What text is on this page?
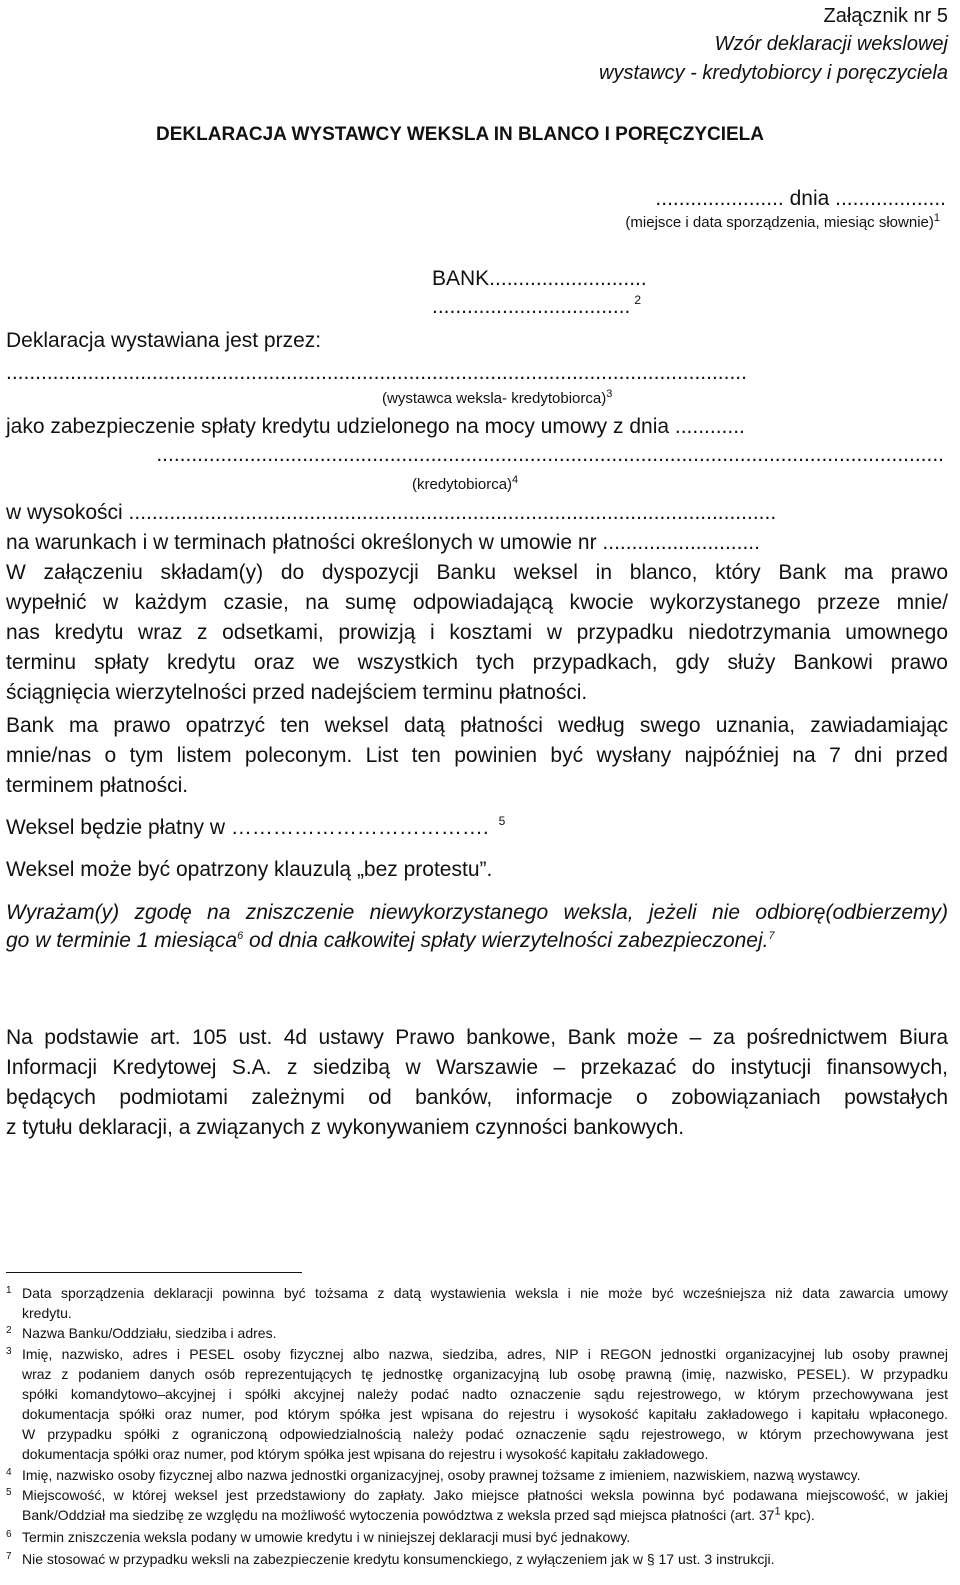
Załącznik nr 5
Wzór deklaracji wekslowej
wystawcy - kredytobiorcy i poręczyciela
DEKLARACJA WYSTAWCY WEKSLA IN BLANCO I PORĘCZYCIELA
...................... dnia ...................
(miejsce i data sporządzenia, miesiąc słownie)$^1$
BANK...........................
.................................. $^2$
Deklaracja wystawiana jest przez:
...............................................................................................................................
(wystawca weksla- kredytobiorca)$^3$
jako zabezpieczenie spłaty kredytu udzielonego na mocy umowy z dnia ............
.......................................................................................................................................
(kredytobiorca)$^4$
w wysokości ...............................................................................................................
na warunkach i w terminach płatności określonych w umowie nr ...........................
W załączeniu składam(y) do dyspozycji Banku weksel in blanco, który Bank ma prawo
wypełnić w każdym czasie, na sumę odpowiadającą kwocie wykorzystanego przeze mnie/
nas kredytu wraz z odsetkami, prowizją i kosztami w przypadku niedotrzymania umownego
terminu spłaty kredytu oraz we wszystkich tych przypadkach, gdy służy Bankowi prawo
ściągnięcia wierzytelności przed nadejściem terminu płatności.
Bank ma prawo opatrzyć ten weksel datą płatności według swego uznania, zawiadamiając
mnie/nas o tym listem poleconym. List ten powinien być wysłany najpóźniej na 7 dni przed
terminem płatności.
Weksel będzie płatny w ………………………………. $^5$
Weksel może być opatrzony klauzulą „bez protestu”.
Wyrażam(y) zgodę na zniszczenie niewykorzystanego weksla, jeżeli nie odbiorę(odbierzemy)
go w terminie 1 miesiąca$^6$ od dnia całkowitej spłaty wierzytelności zabezpieczonej.$^7$
Na podstawie art. 105 ust. 4d ustawy Prawo bankowe, Bank może – za pośrednictwem Biura
Informacji Kredytowej S.A. z siedzibą w Warszawie – przekazać do instytucji finansowych,
będących podmiotami zależnymi od banków, informacje o zobowiązaniach powstałych
z tytułu deklaracji, a związanych z wykonywaniem czynności bankowych.
1 Data sporządzenia deklaracji powinna być tożsama z datą wystawienia weksla i nie może być wcześniejsza niż data zawarcia umowy
kredytu.
2 Nazwa Banku/Oddziału, siedziba i adres.
3 Imię, nazwisko, adres i PESEL osoby fizycznej albo nazwa, siedziba, adres, NIP i REGON jednostki organizacyjnej lub osoby prawnej
wraz z podaniem danych osób reprezentujących tę jednostkę organizacyjną lub osobę prawną (imię, nazwisko, PESEL). W przypadku
spółki komandytowo–akcyjnej i spółki akcyjnej należy podać nadto oznaczenie sądu rejestrowego, w którym przechowywana jest
dokumentacja spółki oraz numer, pod którym spółka jest wpisana do rejestru i wysokość kapitału zakładowego i kapitału wpłaconego.
W przypadku spółki z ograniczoną odpowiedzialnością należy podać oznaczenie sądu rejestrowego, w którym przechowywana jest
dokumentacja spółki oraz numer, pod którym spółka jest wpisana do rejestru i wysokość kapitału zakładowego.
4 Imię, nazwisko osoby fizycznej albo nazwa jednostki organizacyjnej, osoby prawnej tożsame z imieniem, nazwiskiem, nazwą wystawcy.
5 Miejscowość, w której weksel jest przedstawiony do zapłaty. Jako miejsce płatności weksla powinna być podawana miejscowość, w jakiej
Bank/Oddział ma siedzibę ze względu na możliwość wytoczenia powództwa z weksla przed sąd miejsca płatności (art. $37^1$ kpc).
6 Termin zniszczenia weksla podany w umowie kredytu i w niniejszej deklaracji musi być jednakowy.
7 Nie stosować w przypadku weksli na zabezpieczenie kredytu konsumenckiego, z wyłączeniem jak w § 17 ust. 3 instrukcji.
